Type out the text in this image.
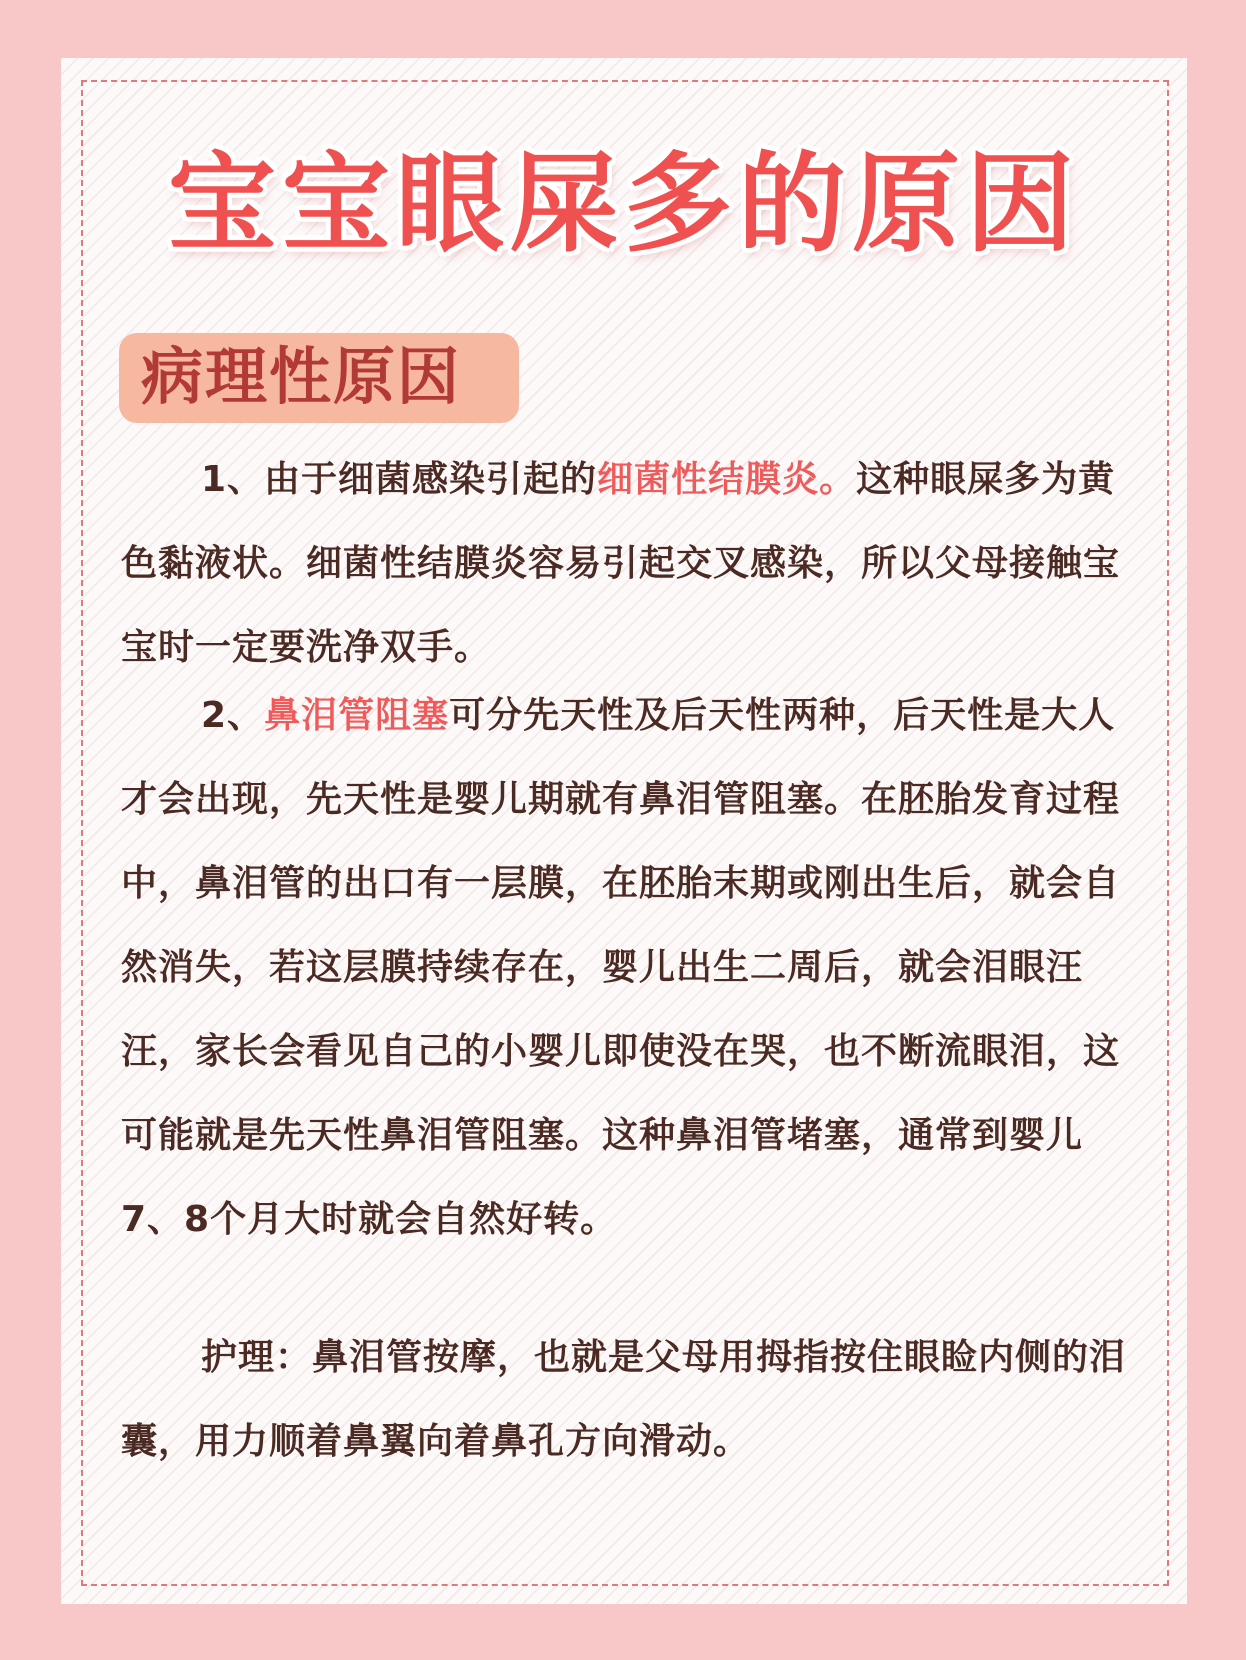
宝宝眼屎多的原因
病理性原因
1、由于细菌感染引起的细菌性结膜炎。这种眼屎多为黄色黏液状。细菌性结膜炎容易引起交叉感染，所以父母接触宝宝时一定要洗净双手。
2、鼻泪管阻塞可分先天性及后天性两种，后天性是大人才会出现，先天性是婴儿期就有鼻泪管阻塞。在胚胎发育过程中，鼻泪管的出口有一层膜，在胚胎末期或刚出生后，就会自然消失，若这层膜持续存在，婴儿出生二周后，就会泪眼汪汪，家长会看见自己的小婴儿即使没在哭，也不断流眼泪，这可能就是先天性鼻泪管阻塞。这种鼻泪管堵塞，通常到婴儿7、8个月大时就会自然好转。
护理：鼻泪管按摩，也就是父母用拇指按住眼睑内侧的泪囊，用力顺着鼻翼向着鼻孔方向滑动。
